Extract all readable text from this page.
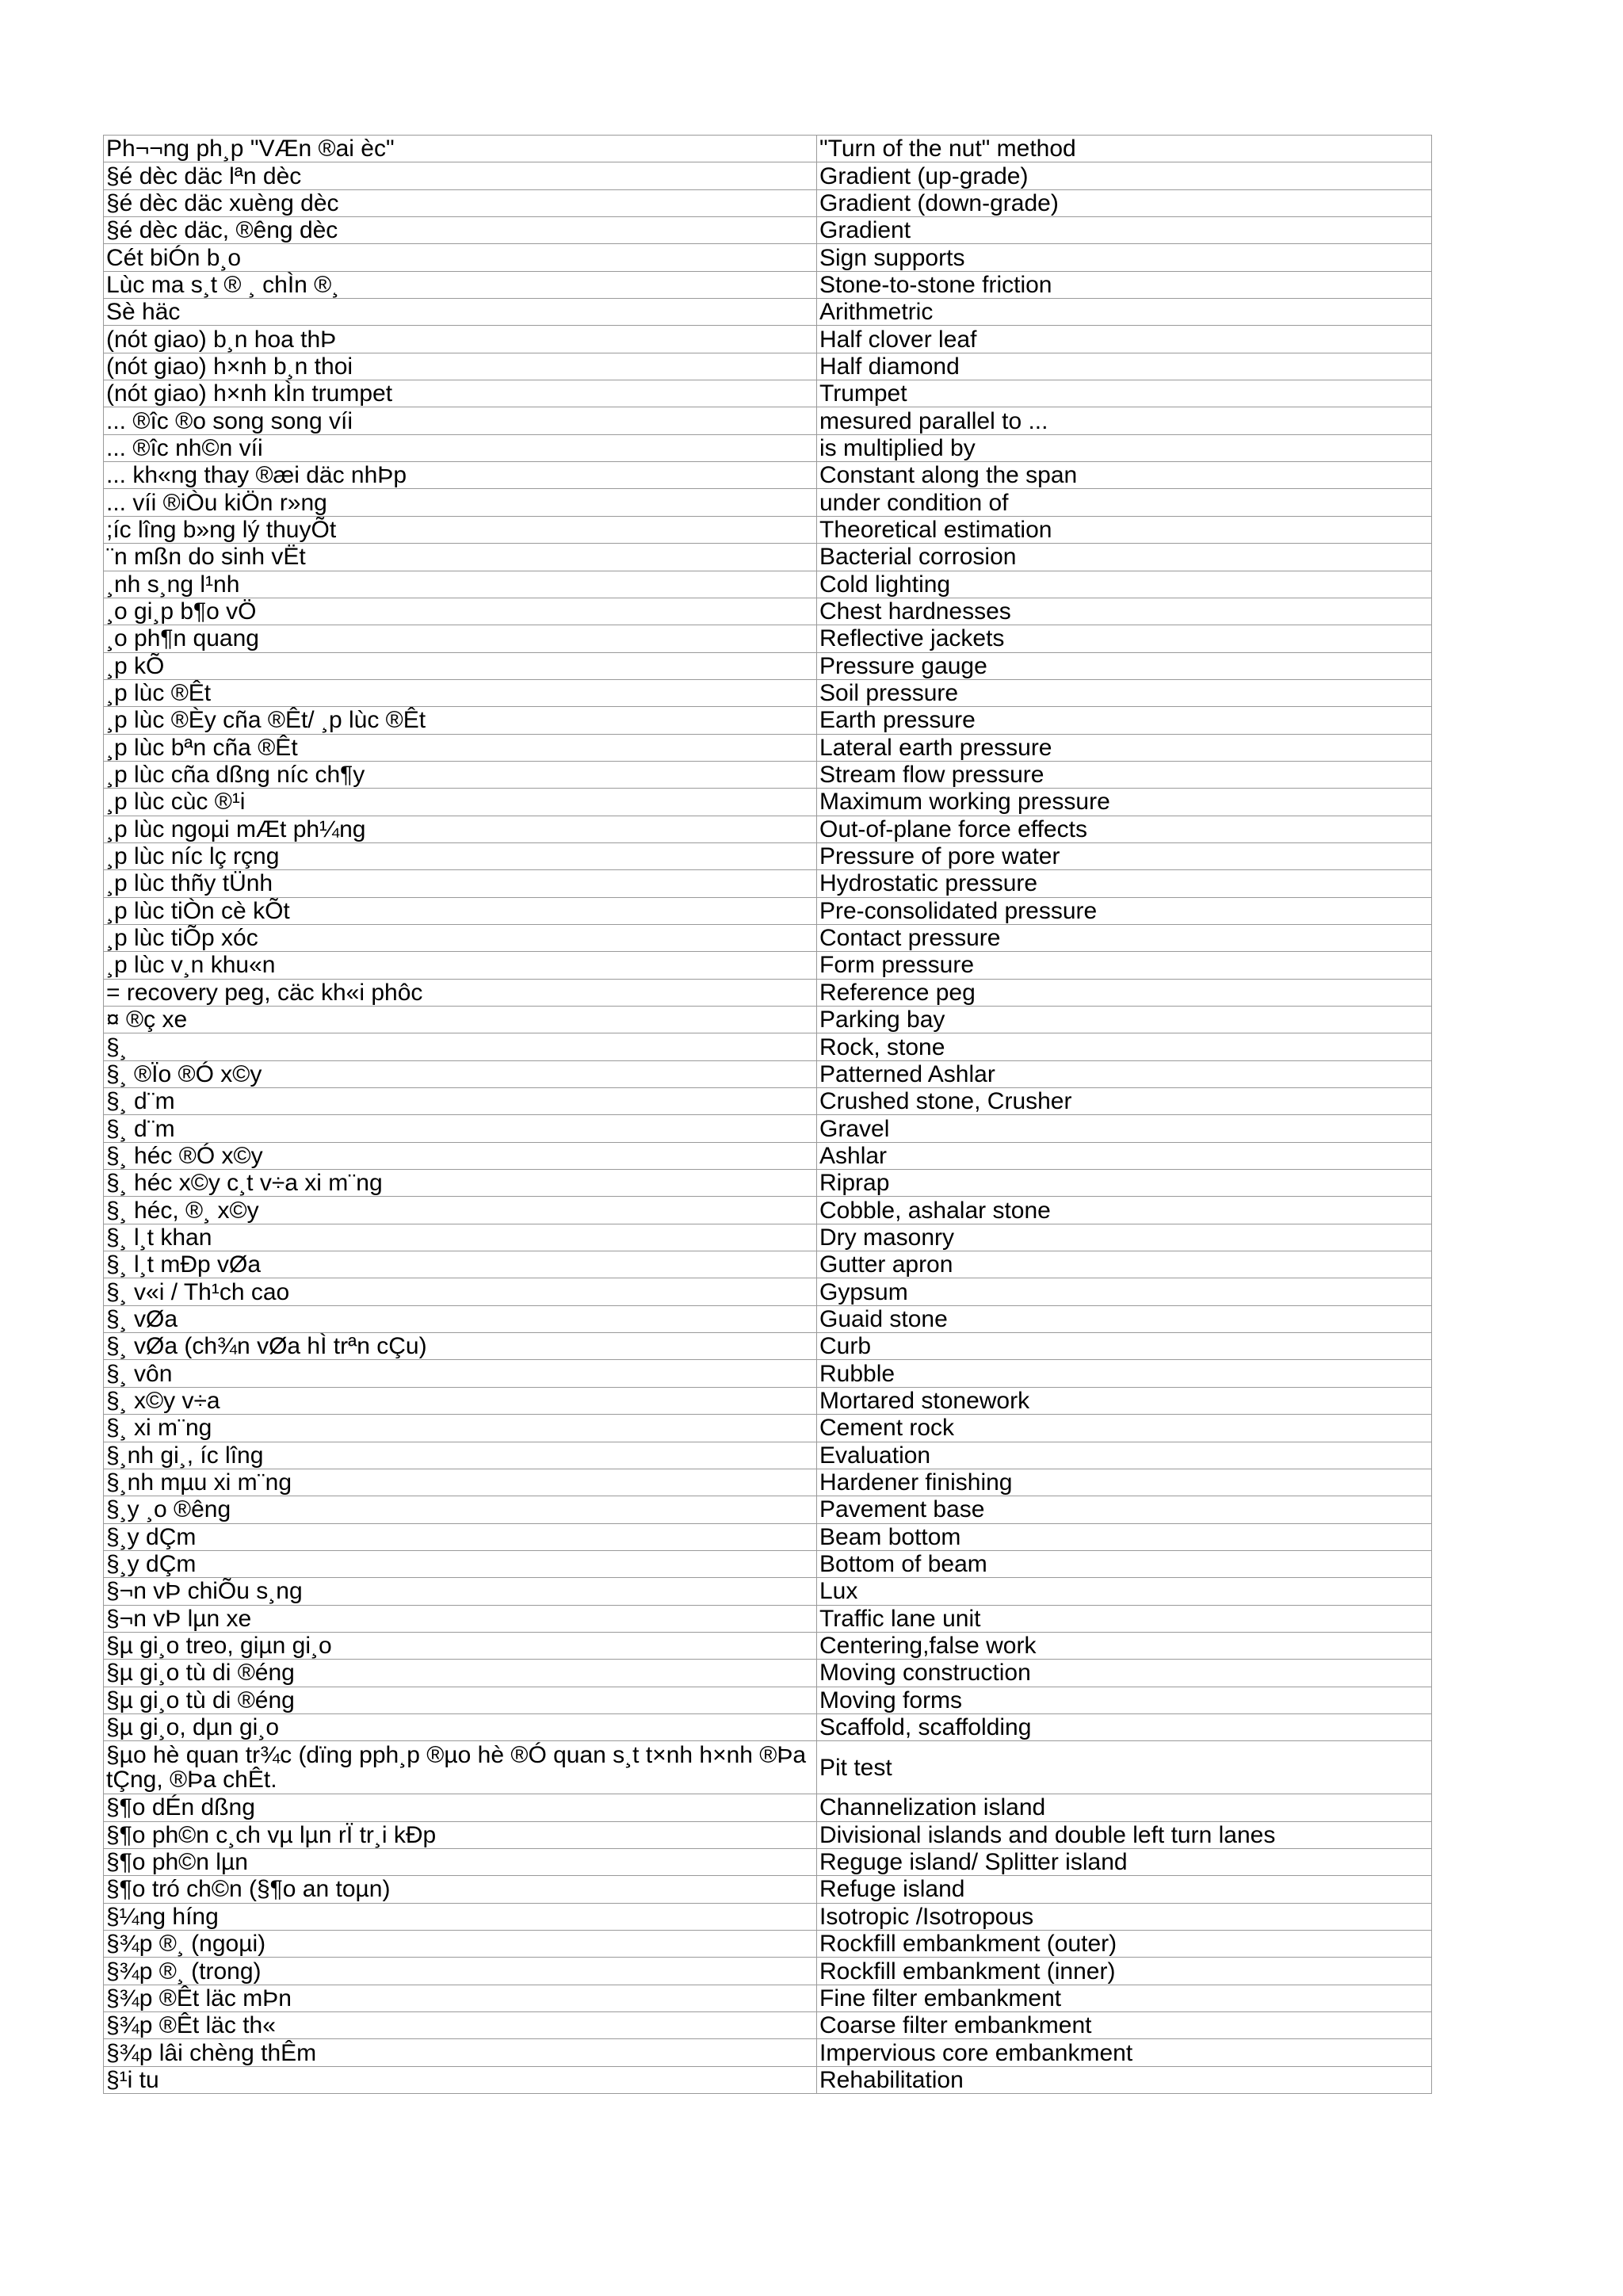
Ph¬¬ng ph¸p "VÆn ®ai èc"	"Turn of the nut" method
§é dèc däc lªn dèc	Gradient (up-grade)
§é dèc däc xuèng dèc	Gradient (down-grade)
§é dèc däc, ®êng dèc	Gradient
Cét biÓn b¸o	Sign supports
Lùc ma s¸t ® ¸ chÌn ®¸	Stone-to-stone friction
Sè häc	Arithmetric
(nót giao) b¸n hoa thÞ	Half clover leaf
(nót giao) h×nh b¸n thoi	Half diamond
(nót giao) h×nh kÌn trumpet	Trumpet
... ®îc ®o song song víi	mesured parallel to ...
... ®îc nh©n víi	is multiplied by
... kh«ng thay ®æi däc nhÞp	Constant along the span
... víi ®iÒu kiÖn r»ng	under condition of
;íc lîng b»ng lý thuyÕt	Theoretical estimation
¨n mßn do sinh vËt	Bacterial corrosion
¸nh s¸ng l¹nh	Cold lighting
¸o gi¸p b¶o vÖ	Chest hardnesses
¸o ph¶n quang	Reflective jackets
¸p kÕ	Pressure gauge
¸p lùc ®Êt	Soil pressure
¸p lùc ®Èy cña ®Êt/ ¸p lùc ®Êt	Earth pressure
¸p lùc bªn cña ®Êt	Lateral earth pressure
¸p lùc cña dßng níc ch¶y	Stream flow pressure
¸p lùc cùc ®¹i	Maximum working pressure
¸p lùc ngoµi mÆt ph¼ng	Out-of-plane force effects
¸p lùc níc lç rçng	Pressure of pore water
¸p lùc thñy tÜnh	Hydrostatic pressure
¸p lùc tiÒn cè kÕt	Pre-consolidated pressure
¸p lùc tiÕp xóc	Contact pressure
¸p lùc v¸n khu«n	Form pressure
= recovery peg, cäc kh«i phôc	Reference peg
¤ ®ç xe	Parking bay
§¸	Rock, stone
§¸ ®Ïo ®Ó x©y	Patterned Ashlar
§¸ d¨m	Crushed stone, Crusher
§¸ d¨m	Gravel
§¸ héc ®Ó x©y	Ashlar
§¸ héc x©y c¸t v÷a xi m¨ng	Riprap
§¸ héc, ®¸ x©y	Cobble, ashalar stone
§¸ l¸t khan	Dry masonry
§¸ l¸t mÐp vØa	Gutter apron
§¸ v«i / Th¹ch cao	Gypsum
§¸ vØa	Guaid stone
§¸ vØa (ch¾n vØa hÌ trªn cÇu)	Curb
§¸ vôn	Rubble
§¸ x©y v÷a	Mortared stonework
§¸ xi m¨ng	Cement rock
§¸nh gi¸, íc lîng	Evaluation
§¸nh mµu xi m¨ng	Hardener finishing
§¸y ¸o ®êng	Pavement base
§¸y dÇm	Beam bottom
§¸y dÇm	Bottom of beam
§¬n vÞ chiÕu s¸ng	Lux
§¬n vÞ lµn xe	Traffic lane unit
§µ gi¸o treo, giµn gi¸o	Centering,false work
§µ gi¸o tù di ®éng	Moving construction
§µ gi¸o tù di ®éng	Moving forms
§µ gi¸o, dµn gi¸o	Scaffold, scaffolding
§µo hè quan tr¾c (dïng pph¸p ®µo hè ®Ó quan s¸t t×nh h×nh ®Þa tÇng, ®Þa chÊt.	Pit test
§¶o dÉn dßng	Channelization island
§¶o ph©n c¸ch vµ lµn rÏ tr¸i kÐp	Divisional islands and double left turn lanes
§¶o ph©n lµn	Reguge island/ Splitter island
§¶o tró ch©n (§¶o an toµn)	Refuge island
§¼ng híng	Isotropic /Isotropous
§¾p ®¸ (ngoµi)	Rockfill embankment (outer)
§¾p ®¸ (trong)	Rockfill embankment (inner)
§¾p ®Êt läc mÞn	Fine filter embankment
§¾p ®Êt läc th«	Coarse filter embankment
§¾p lâi chèng thÊm	Impervious core embankment
§¹i tu	Rehabilitation
